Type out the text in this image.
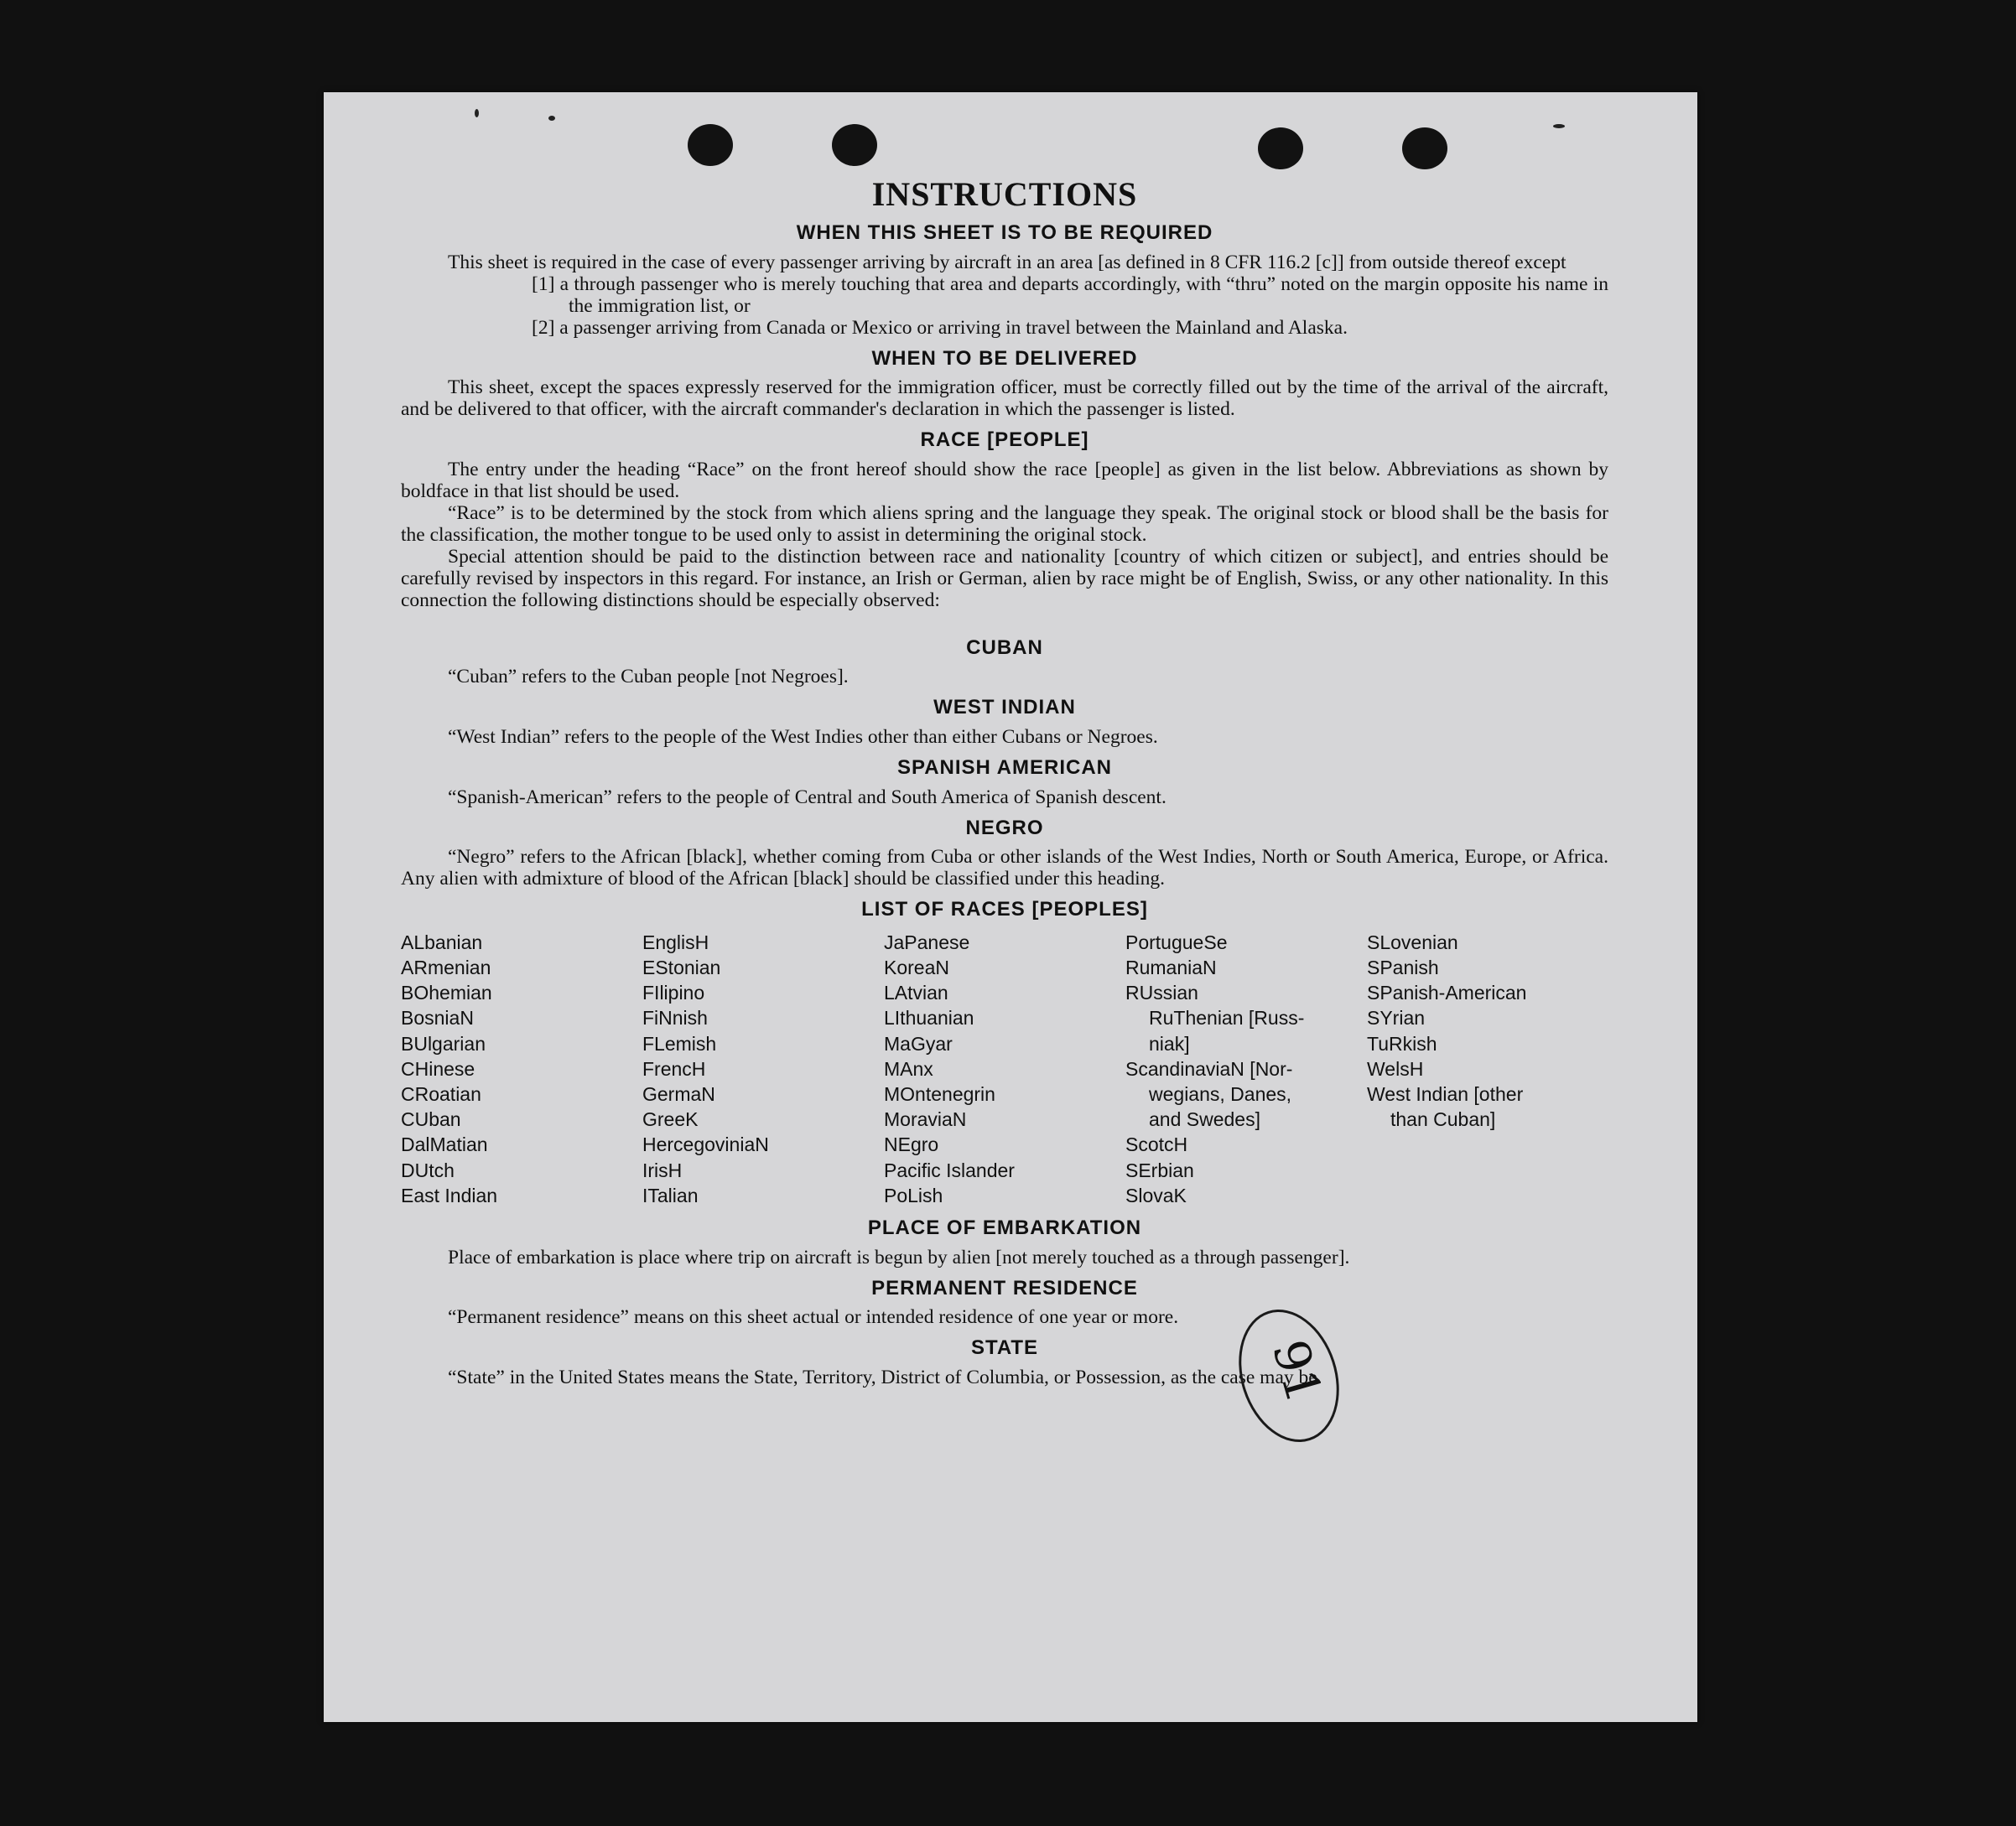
INSTRUCTIONS
WHEN THIS SHEET IS TO BE REQUIRED

This sheet is required in the case of every passenger arriving by aircraft in an area [as defined in 8 CFR 116.2 [c]] from outside thereof except

[1] a through passenger who is merely touching that area and departs accordingly, with “thru” noted on the margin opposite his name in the immigration list, or

[2] a passenger arriving from Canada or Mexico or arriving in travel between the Mainland and Alaska.

WHEN TO BE DELIVERED

This sheet, except the spaces expressly reserved for the immigration officer, must be correctly filled out by the time of the arrival of the aircraft, and be delivered to that officer, with the aircraft commander's declaration in which the passenger is listed.

RACE [PEOPLE]

The entry under the heading “Race” on the front hereof should show the race [people] as given in the list below. Abbreviations as shown by boldface in that list should be used.

“Race” is to be determined by the stock from which aliens spring and the language they speak. The original stock or blood shall be the basis for the classification, the mother tongue to be used only to assist in determining the original stock.

Special attention should be paid to the distinction between race and nationality [country of which citizen or subject], and entries should be carefully revised by inspectors in this regard. For instance, an Irish or German, alien by race might be of English, Swiss, or any other nationality. In this connection the following distinctions should be especially observed:

CUBAN

“Cuban” refers to the Cuban people [not Negroes].

WEST INDIAN

“West Indian” refers to the people of the West Indies other than either Cubans or Negroes.

SPANISH AMERICAN

“Spanish-American” refers to the people of Central and South America of Spanish descent.

NEGRO

“Negro” refers to the African [black], whether coming from Cuba or other islands of the West Indies, North or South America, Europe, or Africa. Any alien with admixture of blood of the African [black] should be classified under this heading.

LIST OF RACES [PEOPLES]
ALbanian
ARmenian
BOhemian
BosniaN
BUlgarian
CHinese
CRoatian
CUban
DalMatian
DUtch
East Indian
EnglisH
EStonian
FIlipino
FiNnish
FLemish
FrencH
GermaN
GreeK
HercegoviniaN
IrisH
ITalian
JaPanese
KoreaN
LAtvian
LIthuanian
MaGyar
MAnx
MOntenegrin
MoraviaN
NEgro
Pacific Islander
PoLish
PortugueSe
RumaniaN
RUssian
RuThenian [Russ-
niak]
ScandinaviaN [Nor-
wegians, Danes,
and Swedes]
ScotcH
SErbian
SlovaK
SLovenian
SPanish
SPanish-American
SYrian
TuRkish
WelsH
West Indian [other
than Cuban]
PLACE OF EMBARKATION

Place of embarkation is place where trip on aircraft is begun by alien [not merely touched as a through passenger].

PERMANENT RESIDENCE

“Permanent residence” means on this sheet actual or intended residence of one year or more.

STATE

“State” in the United States means the State, Territory, District of Columbia, or Possession, as the case may be.

91
